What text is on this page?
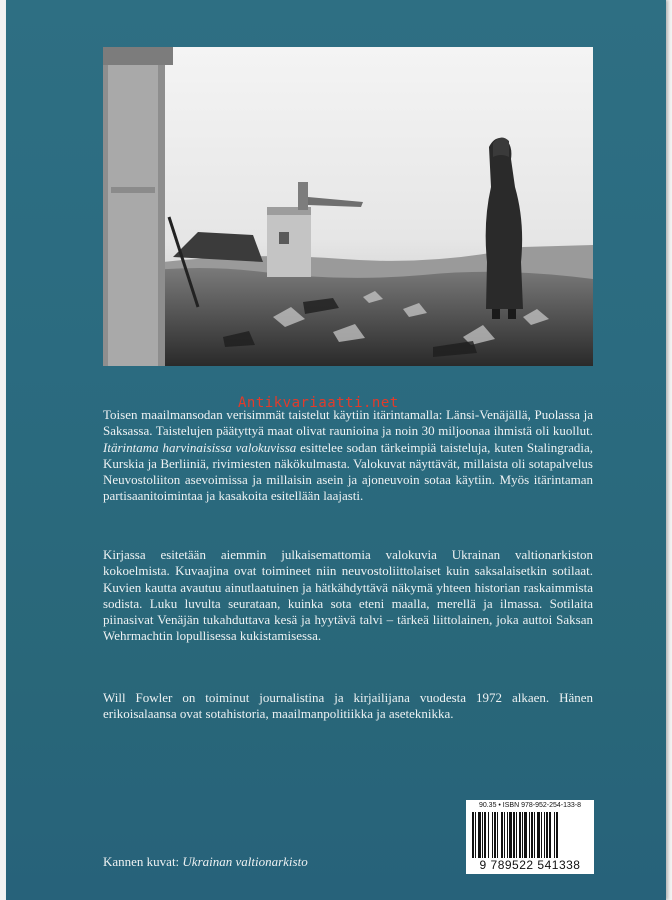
Antikvariaatti.net

Toisen maailmansodan verisimmät taistelut käytiin itärintamalla: Länsi-Venäjällä, Puolassa ja Saksassa. Taistelujen päätyttyä maat olivat raunioina ja noin 30 miljoonaa ihmistä oli kuollut. Itärintama harvinaisissa valokuvissa esittelee sodan tärkeimpiä taisteluja, kuten Stalingradia, Kurskia ja Berliiniä, rivimiesten näkökulmasta. Valokuvat näyttävät, millaista oli sotapalvelus Neuvostoliiton asevoimissa ja millaisin asein ja ajoneuvoin sotaa käytiin. Myös itärintaman partisaanitoimintaa ja kasakoita esitellään laajasti.

Kirjassa esitetään aiemmin julkaisemattomia valokuvia Ukrainan valtionarkiston kokoelmista. Kuvaajina ovat toimineet niin neuvostoliittolaiset kuin saksalaisetkin sotilaat. Kuvien kautta avautuu ainutlaatuinen ja hätkähdyttävä näkymä yhteen historian raskaimmista sodista. Luku luvulta seurataan, kuinka sota eteni maalla, merellä ja ilmassa. Sotilaita piinasivat Venäjän tukahduttava kesä ja hyytävä talvi – tärkeä liittolainen, joka auttoi Saksan Wehrmachtin lopullisessa kukistamisessa.

Will Fowler on toiminut journalistina ja kirjailijana vuodesta 1972 alkaen. Hänen erikoisalaansa ovat sotahistoria, maailmanpolitiikka ja aseteknikka.

Kannen kuvat: Ukrainan valtionarkisto
90.35 • ISBN 978-952-254-133-8
9 789522 541338
